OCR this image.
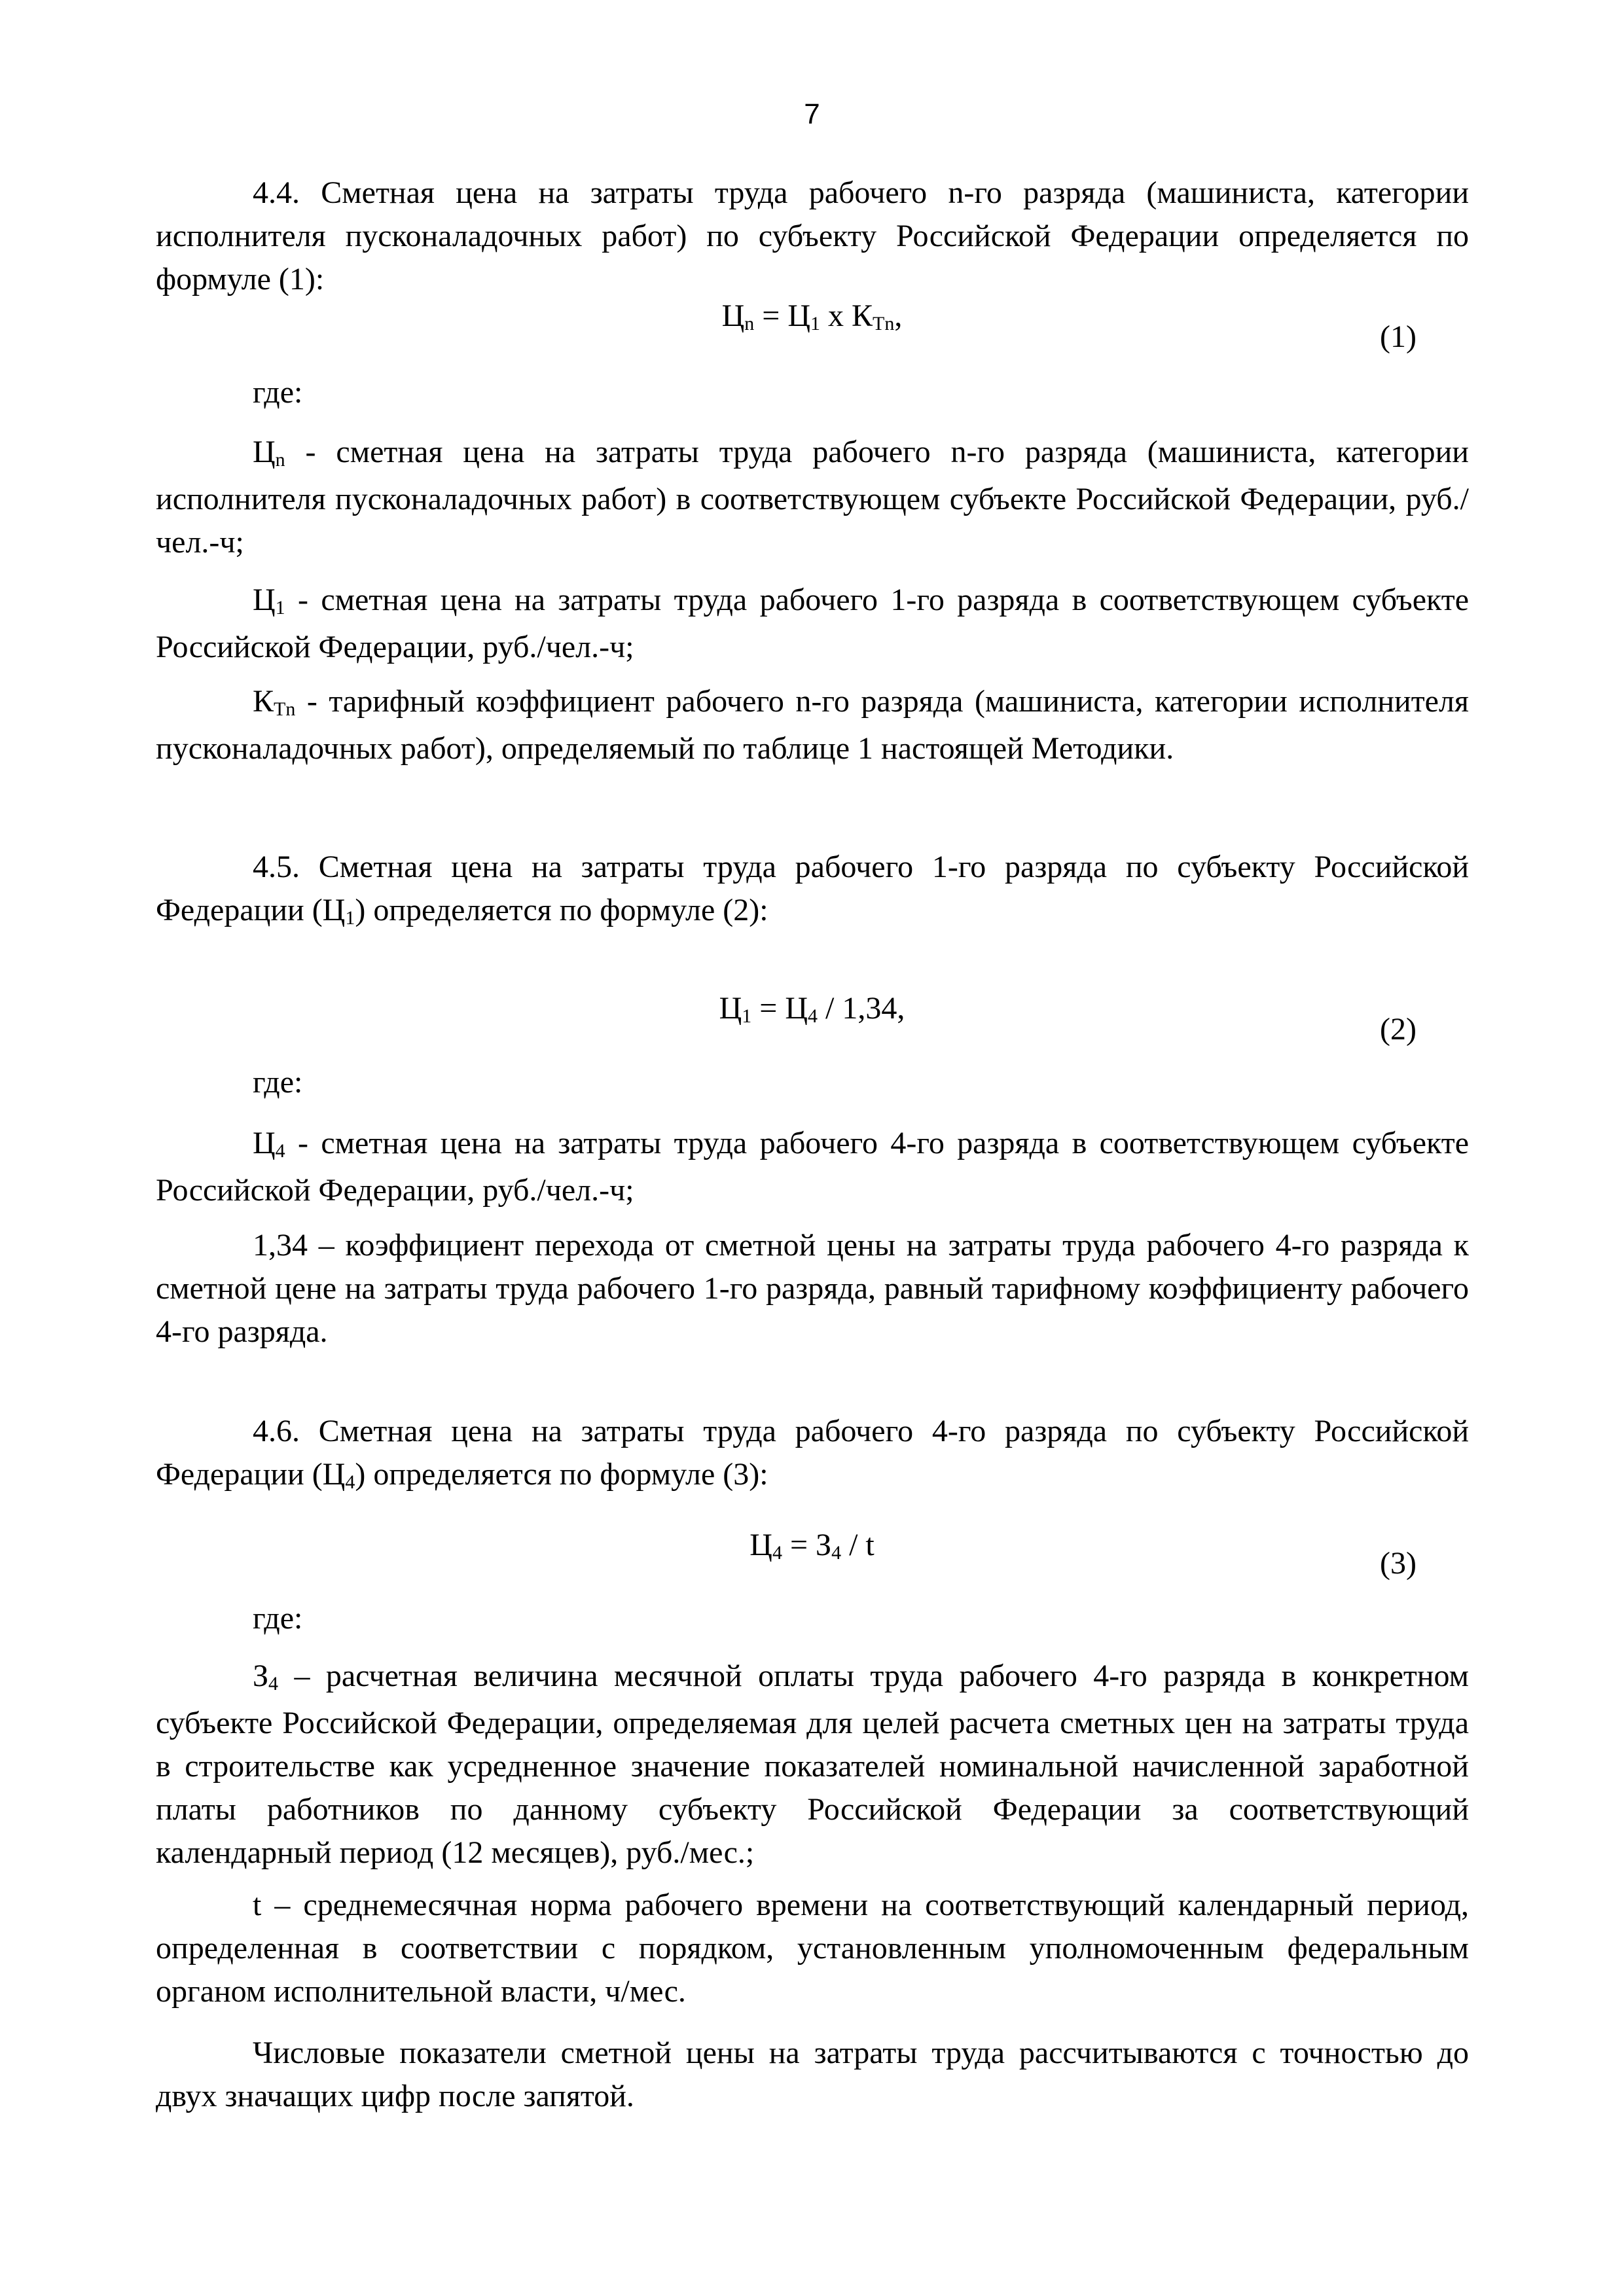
7

4.4. Сметная цена на затраты труда рабочего n-го разряда (машиниста, категории исполнителя пусконаладочных работ) по субъекту Российской Федерации определяется по формуле (1):

Цn = Ц1 х КТn,
(1)

где:

Цn - сметная цена на затраты труда рабочего n-го разряда (машиниста, категории исполнителя пусконаладочных работ) в соответствующем субъекте Российской Федерации, руб./чел.-ч;

Ц1 - сметная цена на затраты труда рабочего 1-го разряда в соответствующем субъекте Российской Федерации, руб./чел.-ч;

КТn - тарифный коэффициент рабочего n-го разряда (машиниста, категории исполнителя пусконаладочных работ), определяемый по таблице 1 настоящей Методики.

4.5. Сметная цена на затраты труда рабочего 1-го разряда по субъекту Российской Федерации (Ц1) определяется по формуле (2):

Ц1 = Ц4 / 1,34,
(2)

где:

Ц4 - сметная цена на затраты труда рабочего 4-го разряда в соответствующем субъекте Российской Федерации, руб./чел.-ч;

1,34 – коэффициент перехода от сметной цены на затраты труда рабочего 4-го разряда к сметной цене на затраты труда рабочего 1-го разряда, равный тарифному коэффициенту рабочего 4-го разряда.

4.6. Сметная цена на затраты труда рабочего 4-го разряда по субъекту Российской Федерации (Ц4) определяется по формуле (3):

Ц4 = З4 / t
(3)

где:

З4 – расчетная величина месячной оплаты труда рабочего 4-го разряда в конкретном субъекте Российской Федерации, определяемая для целей расчета сметных цен на затраты труда в строительстве как усредненное значение показателей номинальной начисленной заработной платы работников по данному субъекту Российской Федерации за соответствующий календарный период (12 месяцев), руб./мес.;

t – среднемесячная норма рабочего времени на соответствующий календарный период, определенная в соответствии с порядком, установленным уполномоченным федеральным органом исполнительной власти, ч/мес.

Числовые показатели сметной цены на затраты труда рассчитываются с точностью до двух значащих цифр после запятой.
